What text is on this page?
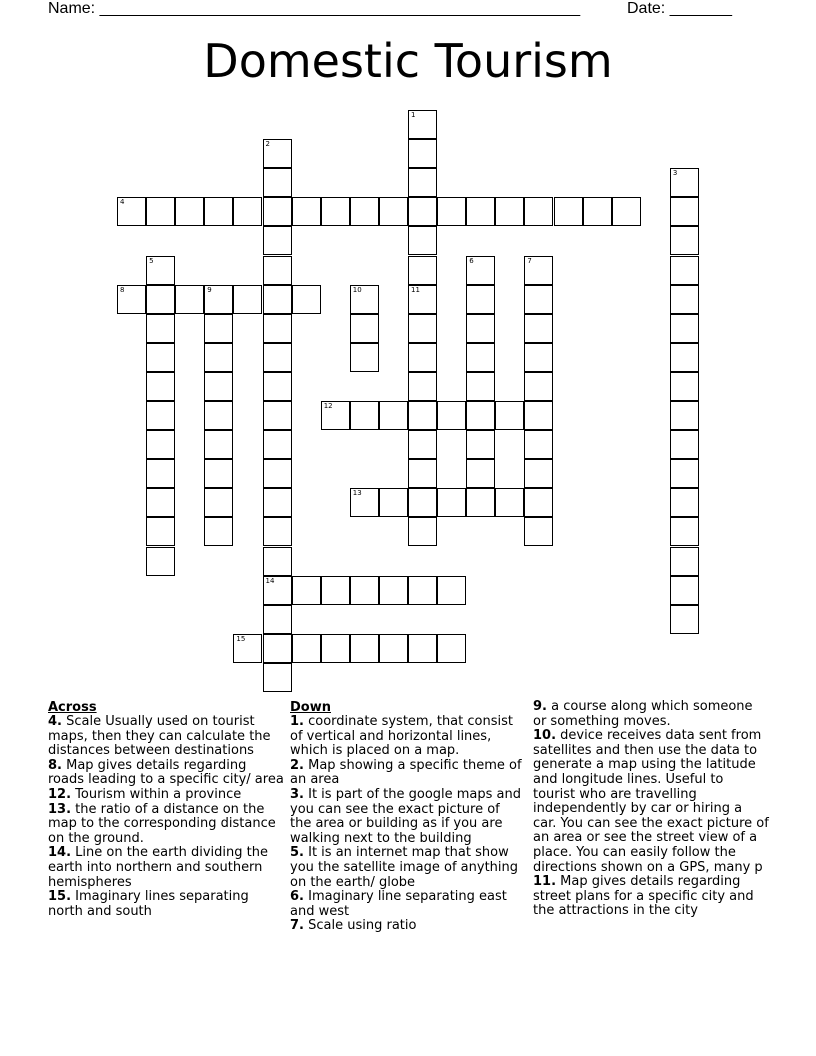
Name: ______________________________________________________	Date: _______
Domestic Tourism
1
11
2
14
3
4
5	6	7
8	9	10
12
13
15
Across
4. Scale Usually used on tourist maps, then they can calculate the distances between destinations
8. Map gives details regarding roads leading to a specific city/ area
12. Tourism within a province
13. the ratio of a distance on the map to the corresponding distance on the ground.
14. Line on the earth dividing the earth into northern and southern hemispheres
15. Imaginary lines separating north and south
Down
1. coordinate system, that consist of vertical and horizontal lines, which is placed on a map.
2. Map showing a specific theme of an area
3. It is part of the google maps and you can see the exact picture of the area or building as if you are walking next to the building
5. It is an internet map that show you the satellite image of anything on the earth/ globe
6. Imaginary line separating east and west
7. Scale using ratio
9. a course along which someone or something moves.
10. device receives data sent from satellites and then use the data to generate a map using the latitude and longitude lines. Useful to tourist who are travelling independently by car or hiring a car. You can see the exact picture of an area or see the street view of a place. You can easily follow the directions shown on a GPS, many p
11. Map gives details regarding street plans for a specific city and the attractions in the city
